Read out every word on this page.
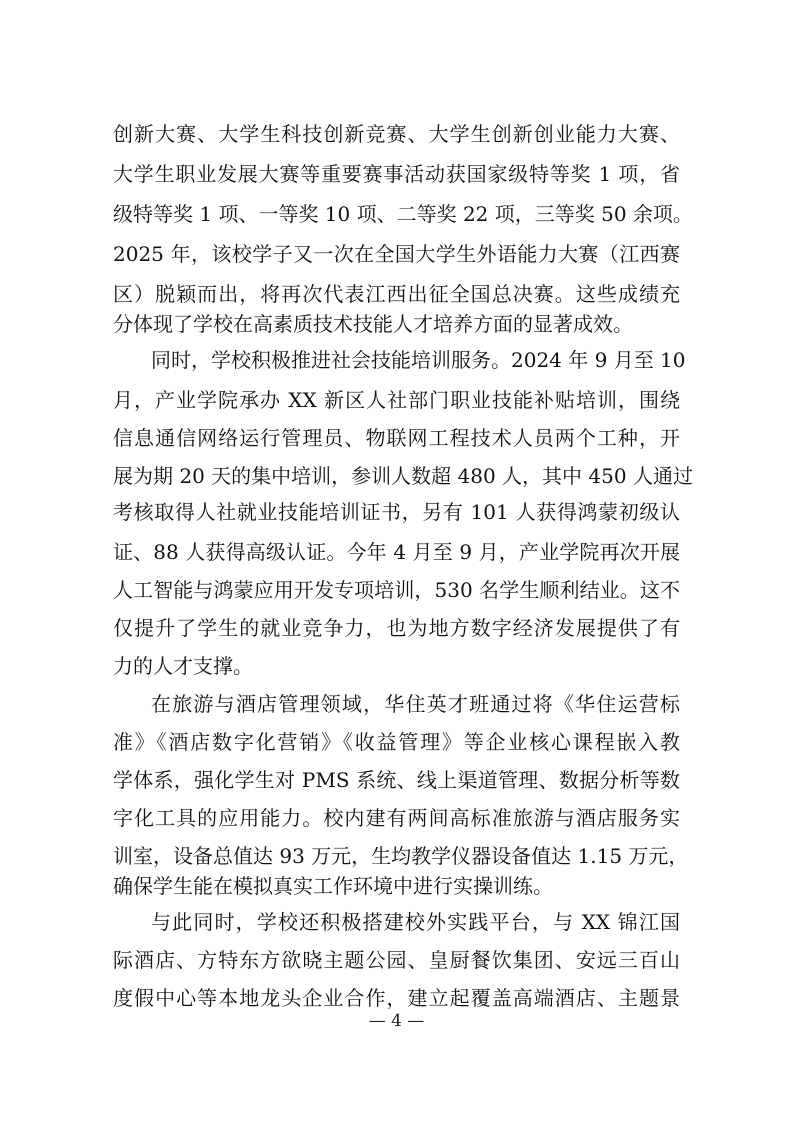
创新大赛、大学生科技创新竞赛、大学生创新创业能力大赛、
大学生职业发展大赛等重要赛事活动获国家级特等奖 1 项，省
级特等奖 1 项、一等奖 10 项、二等奖 22 项，三等奖 50 余项。
2025 年，该校学子又一次在全国大学生外语能力大赛（江西赛
区）脱颖而出，将再次代表江西出征全国总决赛。这些成绩充
分体现了学校在高素质技术技能人才培养方面的显著成效。
同时，学校积极推进社会技能培训服务。2024 年 9 月至 10
月，产业学院承办 XX 新区人社部门职业技能补贴培训，围绕
信息通信网络运行管理员、物联网工程技术人员两个工种，开
展为期 20 天的集中培训，参训人数超 480 人，其中 450 人通过
考核取得人社就业技能培训证书，另有 101 人获得鸿蒙初级认
证、88 人获得高级认证。今年 4 月至 9 月，产业学院再次开展
人工智能与鸿蒙应用开发专项培训，530 名学生顺利结业。这不
仅提升了学生的就业竞争力，也为地方数字经济发展提供了有
力的人才支撑。
在旅游与酒店管理领域，华住英才班通过将《华住运营标
准》《酒店数字化营销》《收益管理》等企业核心课程嵌入教
学体系，强化学生对 PMS 系统、线上渠道管理、数据分析等数
字化工具的应用能力。校内建有两间高标准旅游与酒店服务实
训室，设备总值达 93 万元，生均教学仪器设备值达 1.15 万元，
确保学生能在模拟真实工作环境中进行实操训练。
与此同时，学校还积极搭建校外实践平台，与 XX 锦江国
际酒店、方特东方欲晓主题公园、皇厨餐饮集团、安远三百山
度假中心等本地龙头企业合作，建立起覆盖高端酒店、主题景
— 4 —
